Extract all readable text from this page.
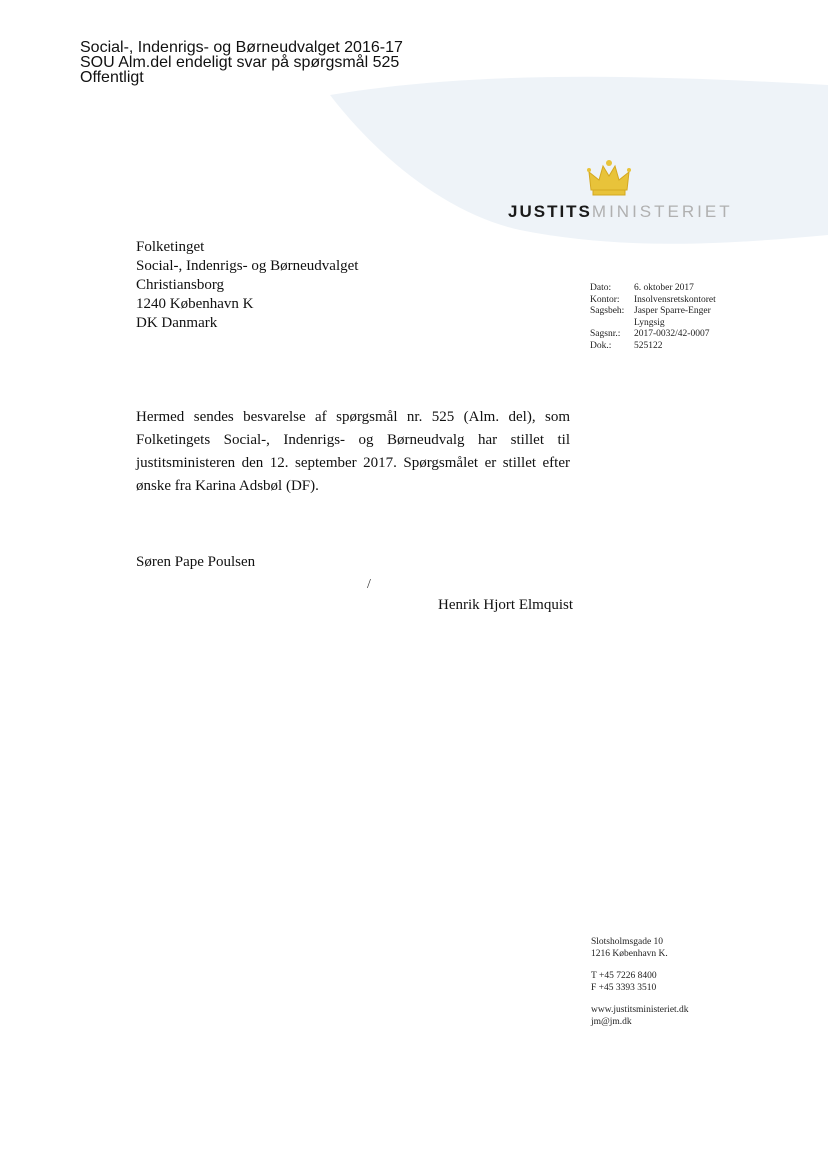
Social-, Indenrigs- og Børneudvalget 2016-17
SOU Alm.del endeligt svar på spørgsmål 525
Offentligt
JUSTITSMINISTERIET
Folketinget
Social-, Indenrigs- og Børneudvalget
Christiansborg
1240 København K
DK Danmark
Dato:	6. oktober 2017
Kontor:	Insolvensretskontoret
Sagsbeh:	Jasper Sparre-Enger
Lyngsig
Sagsnr.:	2017-0032/42-0007
Dok.:	525122
Hermed sendes besvarelse af spørgsmål nr. 525 (Alm. del), som Folketingets Social-, Indenrigs- og Børneudvalg har stillet til justitsministeren den 12. september 2017. Spørgsmålet er stillet efter ønske fra Karina Adsbøl (DF).
Søren Pape Poulsen
/
Henrik Hjort Elmquist
Slotsholmsgade 10
1216 København K.
T +45 7226 8400
F +45 3393 3510
www.justitsministeriet.dk
jm@jm.dk
